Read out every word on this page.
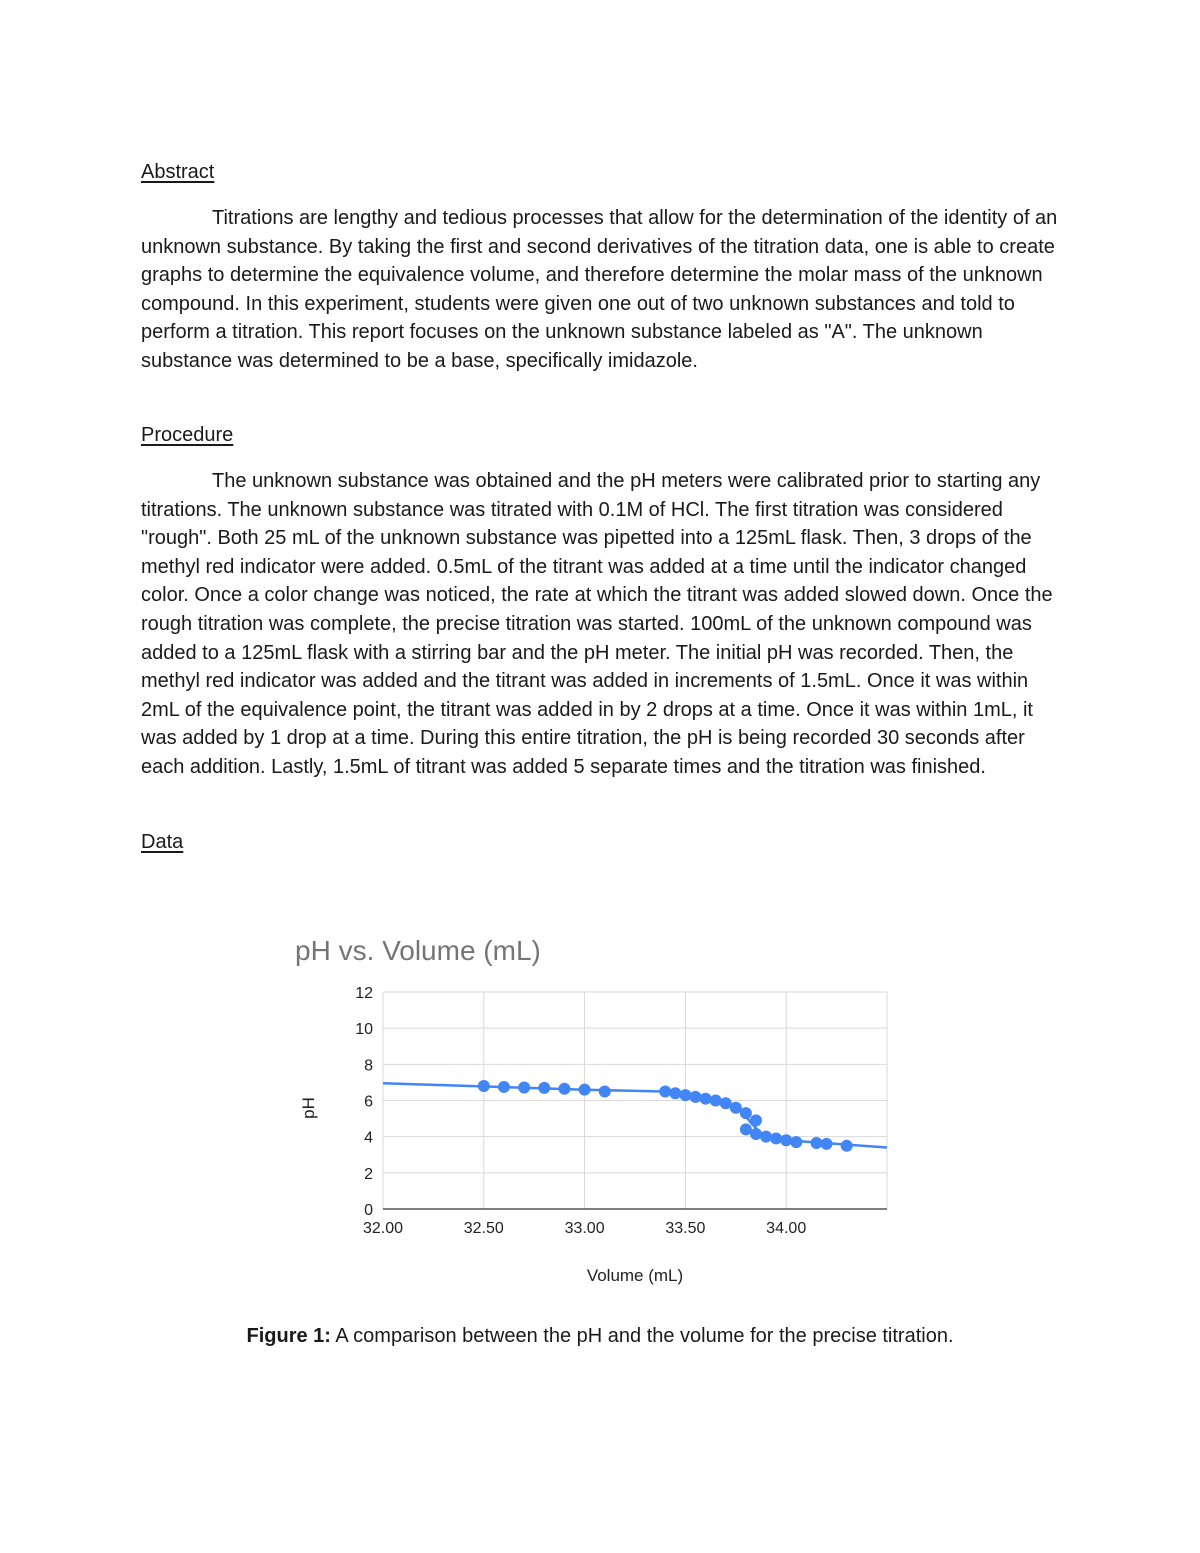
Abstract

Titrations are lengthy and tedious processes that allow for the determination of the identity of an unknown substance. By taking the first and second derivatives of the titration data, one is able to create graphs to determine the equivalence volume, and therefore determine the molar mass of the unknown compound. In this experiment, students were given one out of two unknown substances and told to perform a titration. This report focuses on the unknown substance labeled as "A". The unknown substance was determined to be a base, specifically imidazole.

Procedure

The unknown substance was obtained and the pH meters were calibrated prior to starting any titrations. The unknown substance was titrated with 0.1M of HCl. The first titration was considered "rough". Both 25 mL of the unknown substance was pipetted into a 125mL flask. Then, 3 drops of the methyl red indicator were added. 0.5mL of the titrant was added at a time until the indicator changed color. Once a color change was noticed, the rate at which the titrant was added slowed down. Once the rough titration was complete, the precise titration was started. 100mL of the unknown compound was added to a 125mL flask with a stirring bar and the pH meter. The initial pH was recorded. Then, the methyl red indicator was added and the titrant was added in increments of 1.5mL. Once it was within 2mL of the equivalence point, the titrant was added in by 2 drops at a time. Once it was within 1mL, it was added by 1 drop at a time. During this entire titration, the pH is being recorded 30 seconds after each addition. Lastly, 1.5mL of titrant was added 5 separate times and the titration was finished.

Data
pH vs. Volume (mL)
0
2
4
6
8
10
12
32.00	32.50	33.00	33.50	34.00
Volume (mL)
pH
Figure 1: A comparison between the pH and the volume for the precise titration.
